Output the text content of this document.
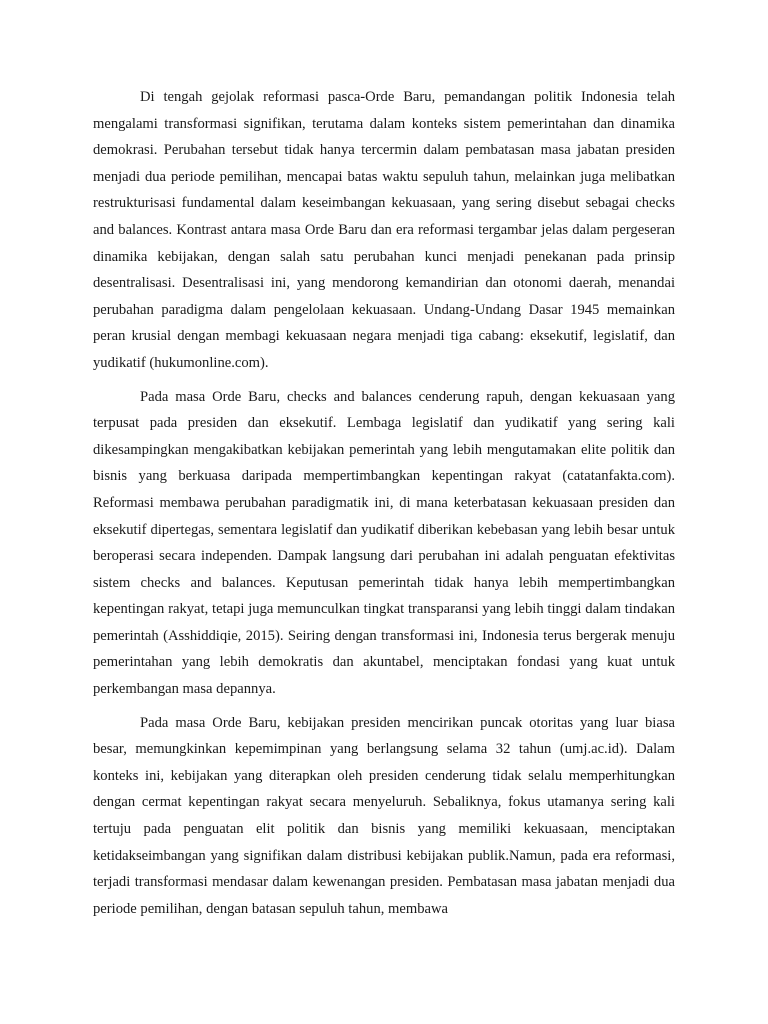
Di tengah gejolak reformasi pasca-Orde Baru, pemandangan politik Indonesia telah mengalami transformasi signifikan, terutama dalam konteks sistem pemerintahan dan dinamika demokrasi. Perubahan tersebut tidak hanya tercermin dalam pembatasan masa jabatan presiden menjadi dua periode pemilihan, mencapai batas waktu sepuluh tahun, melainkan juga melibatkan restrukturisasi fundamental dalam keseimbangan kekuasaan, yang sering disebut sebagai checks and balances. Kontrast antara masa Orde Baru dan era reformasi tergambar jelas dalam pergeseran dinamika kebijakan, dengan salah satu perubahan kunci menjadi penekanan pada prinsip desentralisasi. Desentralisasi ini, yang mendorong kemandirian dan otonomi daerah, menandai perubahan paradigma dalam pengelolaan kekuasaan. Undang-Undang Dasar 1945 memainkan peran krusial dengan membagi kekuasaan negara menjadi tiga cabang: eksekutif, legislatif, dan yudikatif (hukumonline.com).

Pada masa Orde Baru, checks and balances cenderung rapuh, dengan kekuasaan yang terpusat pada presiden dan eksekutif. Lembaga legislatif dan yudikatif yang sering kali dikesampingkan mengakibatkan kebijakan pemerintah yang lebih mengutamakan elite politik dan bisnis yang berkuasa daripada mempertimbangkan kepentingan rakyat (catatanfakta.com). Reformasi membawa perubahan paradigmatik ini, di mana keterbatasan kekuasaan presiden dan eksekutif dipertegas, sementara legislatif dan yudikatif diberikan kebebasan yang lebih besar untuk beroperasi secara independen. Dampak langsung dari perubahan ini adalah penguatan efektivitas sistem checks and balances. Keputusan pemerintah tidak hanya lebih mempertimbangkan kepentingan rakyat, tetapi juga memunculkan tingkat transparansi yang lebih tinggi dalam tindakan pemerintah (Asshiddiqie, 2015). Seiring dengan transformasi ini, Indonesia terus bergerak menuju pemerintahan yang lebih demokratis dan akuntabel, menciptakan fondasi yang kuat untuk perkembangan masa depannya.

Pada masa Orde Baru, kebijakan presiden mencirikan puncak otoritas yang luar biasa besar, memungkinkan kepemimpinan yang berlangsung selama 32 tahun (umj.ac.id). Dalam konteks ini, kebijakan yang diterapkan oleh presiden cenderung tidak selalu memperhitungkan dengan cermat kepentingan rakyat secara menyeluruh. Sebaliknya, fokus utamanya sering kali tertuju pada penguatan elit politik dan bisnis yang memiliki kekuasaan, menciptakan ketidakseimbangan yang signifikan dalam distribusi kebijakan publik.Namun, pada era reformasi, terjadi transformasi mendasar dalam kewenangan presiden. Pembatasan masa jabatan menjadi dua periode pemilihan, dengan batasan sepuluh tahun, membawa
